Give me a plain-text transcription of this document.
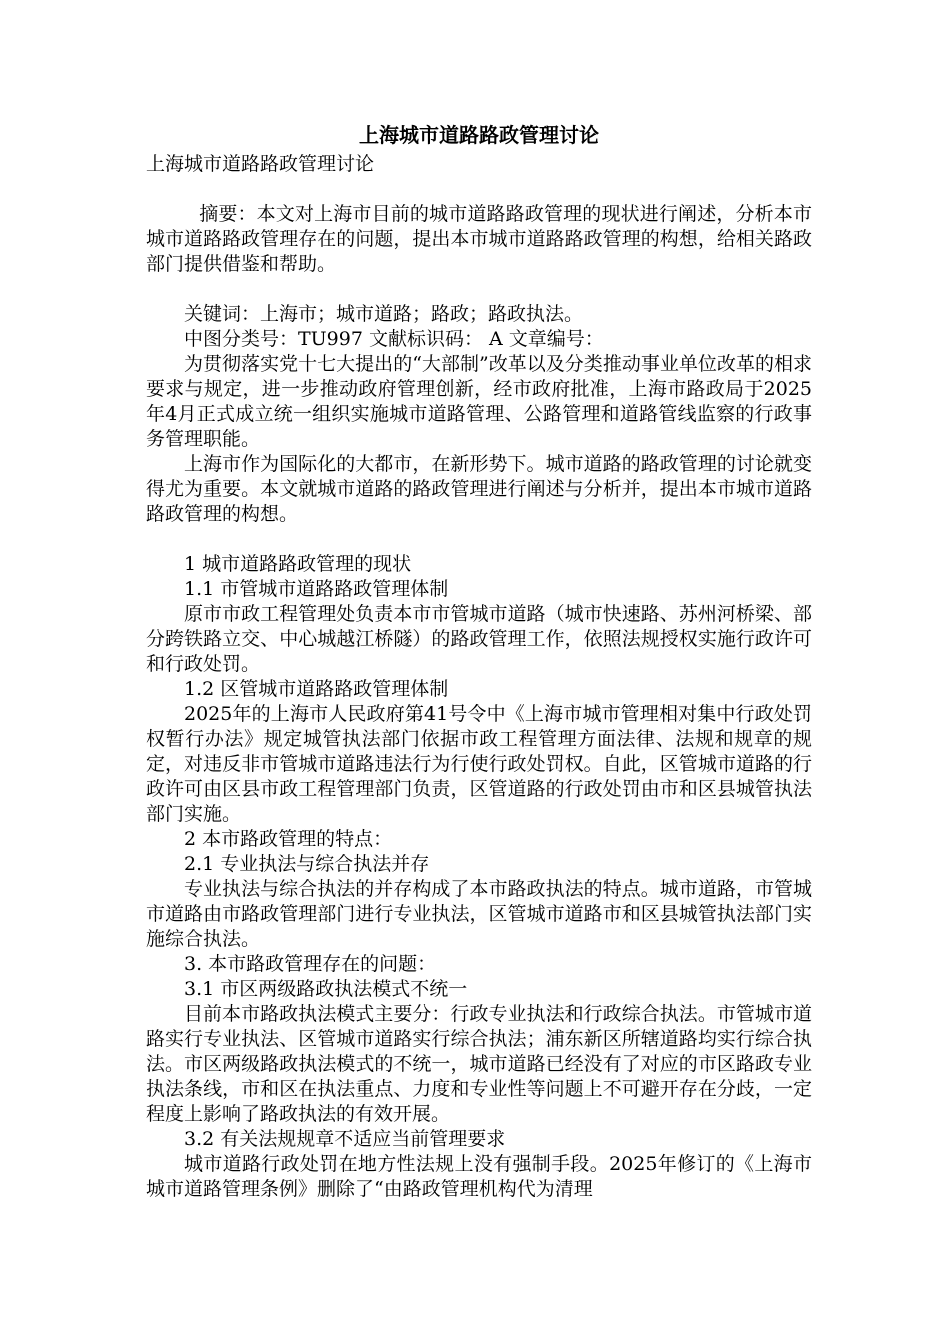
上海城市道路路政管理讨论

上海城市道路路政管理讨论

摘要：本文对上海市目前的城市道路路政管理的现状进行阐述，分析本市城市道路路政管理存在的问题，提出本市城市道路路政管理的构想，给相关路政部门提供借鉴和帮助。

关键词：上海市；城市道路；路政；路政执法。

中图分类号：TU997 文献标识码： A 文章编号：

为贯彻落实党十七大提出的“大部制”改革以及分类推动事业单位改革的相求要求与规定，进一步推动政府管理创新，经市政府批准，上海市路政局于2025年4月正式成立统一组织实施城市道路管理、公路管理和道路管线监察的行政事务管理职能。

上海市作为国际化的大都市，在新形势下。城市道路的路政管理的讨论就变得尤为重要。本文就城市道路的路政管理进行阐述与分析并，提出本市城市道路路政管理的构想。

1 城市道路路政管理的现状

1.1 市管城市道路路政管理体制

原市市政工程管理处负责本市市管城市道路（城市快速路、苏州河桥梁、部分跨铁路立交、中心城越江桥隧）的路政管理工作，依照法规授权实施行政许可和行政处罚。

1.2 区管城市道路路政管理体制

2025年的上海市人民政府第41号令中《上海市城市管理相对集中行政处罚权暂行办法》规定城管执法部门依据市政工程管理方面法律、法规和规章的规定，对违反非市管城市道路违法行为行使行政处罚权。自此，区管城市道路的行政许可由区县市政工程管理部门负责，区管道路的行政处罚由市和区县城管执法部门实施。

2 本市路政管理的特点：

2.1 专业执法与综合执法并存

专业执法与综合执法的并存构成了本市路政执法的特点。城市道路，市管城市道路由市路政管理部门进行专业执法，区管城市道路市和区县城管执法部门实施综合执法。

3. 本市路政管理存在的问题：

3.1 市区两级路政执法模式不统一

目前本市路政执法模式主要分：行政专业执法和行政综合执法。市管城市道路实行专业执法、区管城市道路实行综合执法；浦东新区所辖道路均实行综合执法。市区两级路政执法模式的不统一，城市道路已经没有了对应的市区路政专业执法条线，市和区在执法重点、力度和专业性等问题上不可避开存在分歧，一定程度上影响了路政执法的有效开展。

3.2 有关法规规章不适应当前管理要求

城市道路行政处罚在地方性法规上没有强制手段。2025年修订的《上海市城市道路管理条例》删除了“由路政管理机构代为清理
